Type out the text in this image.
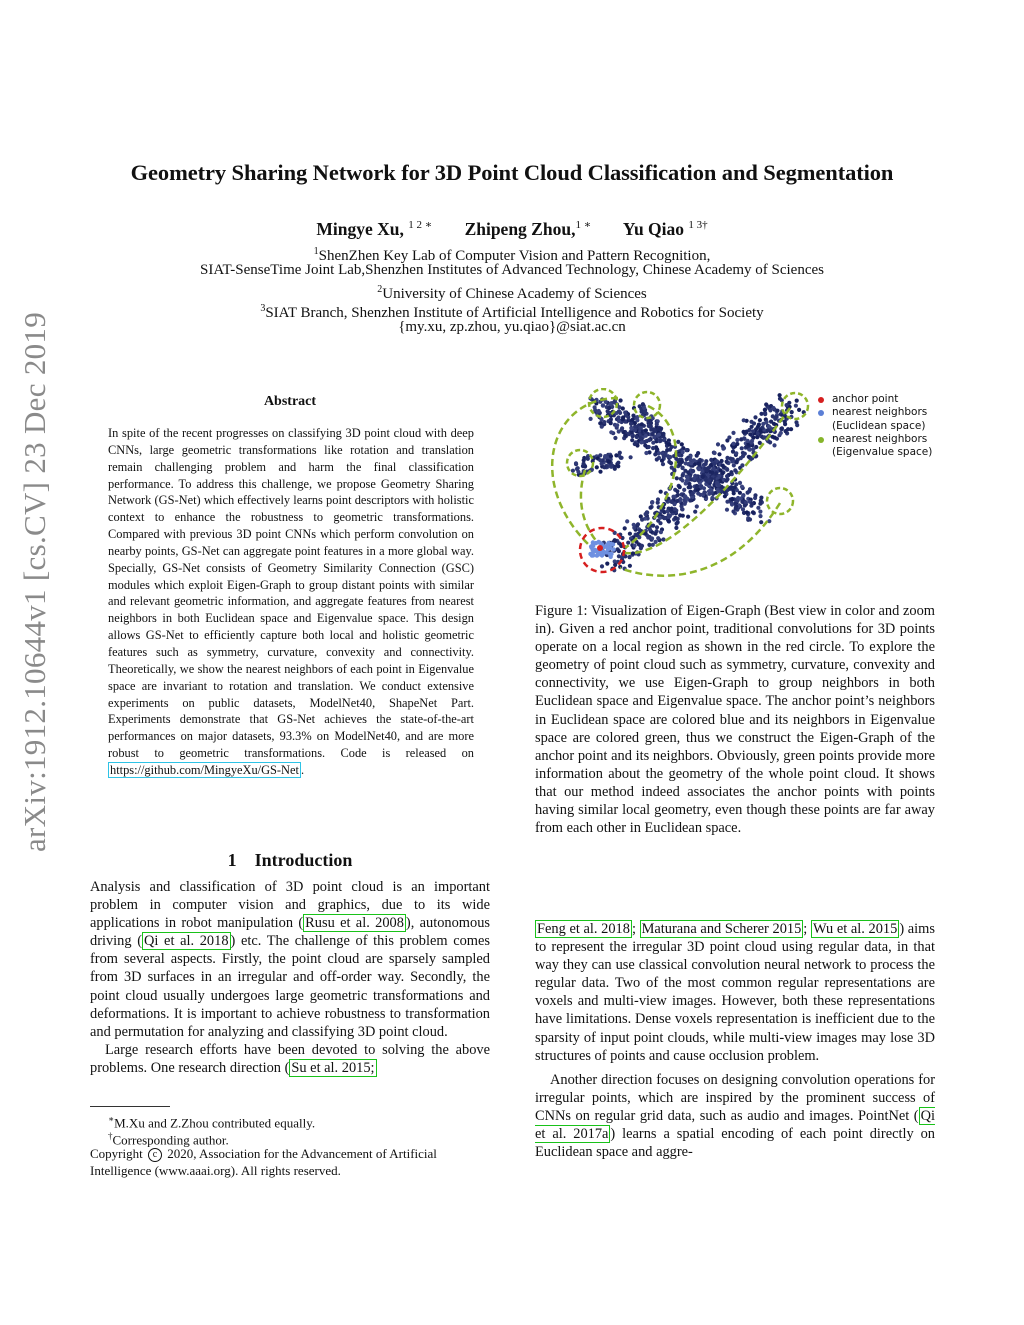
Geometry Sharing Network for 3D Point Cloud Classification and Segmentation
Mingye Xu, $^{1 2 ∗}$ Zhipeng Zhou,$^{1 ∗}$ Yu Qiao $^{1 3\dagger}$
$^1$ShenZhen Key Lab of Computer Vision and Pattern Recognition,
SIAT-SenseTime Joint Lab,Shenzhen Institutes of Advanced Technology, Chinese Academy of Sciences
$^2$University of Chinese Academy of Sciences
$^3$SIAT Branch, Shenzhen Institute of Artificial Intelligence and Robotics for Society
{my.xu, zp.zhou, yu.qiao}@siat.ac.cn
arXiv:1912.10644v1 [cs.CV] 23 Dec 2019	Abstract
In spite of the recent progresses on classifying 3D point cloud with deep CNNs, large geometric transformations like rotation and translation remain challenging problem and harm the final classification performance. To address this challenge, we propose Geometry Sharing Network (GS-Net) which effectively learns point descriptors with holistic context to enhance the robustness to geometric transformations. Compared with previous 3D point CNNs which perform convolution on nearby points, GS-Net can aggregate point features in a more global way. Specially, GS-Net consists of Geometry Similarity Connection (GSC) modules which exploit Eigen-Graph to group distant points with similar and relevant geometric information, and aggregate features from nearest neighbors in both Euclidean space and Eigenvalue space. This design allows GS-Net to efficiently capture both local and holistic geometric features such as symmetry, curvature, convexity and connectivity. Theoretically, we show the nearest neighbors of each point in Eigenvalue space are invariant to rotation and translation. We conduct extensive experiments on public datasets, ModelNet40, ShapeNet Part. Experiments demonstrate that GS-Net achieves the state-of-the-art performances on major datasets, 93.3% on ModelNet40, and are more robust to geometric transformations. Code is released on https://github.com/MingyeXu/GS-Net .
1 Introduction

Analysis and classification of 3D point cloud is an important problem in computer vision and graphics, due to its wide applications in robot manipulation ( Rusu et al. 2008 ), autonomous driving ( Qi et al. 2018 ) etc. The challenge of this problem comes from several aspects. Firstly, the point cloud are sparsely sampled from 3D surfaces in an irregular and off-order way. Secondly, the point cloud usually undergoes large geometric transformations and deformations. It is important to achieve robustness to transformation and permutation for analyzing and classifying 3D point cloud.

Large research efforts have been devoted to solving the above problems. One research direction ( Su et al. 2015;

∗M.Xu and Z.Zhou contributed equally.
†Corresponding author.
Copyright c 2020, Association for the Advancement of Artificial Intelligence (www.aaai.org). All rights reserved.
anchor point
nearest neighbors (Euclidean space)
nearest neighbors (Eigenvalue space)
Figure 1: Visualization of Eigen-Graph (Best view in color and zoom in). Given a red anchor point, traditional convolutions for 3D points operate on a local region as shown in the red circle. To explore the geometry of point cloud such as symmetry, curvature, convexity and connectivity, we use Eigen-Graph to group neighbors in both Euclidean space and Eigenvalue space. The anchor point’s neighbors in Euclidean space are colored blue and its neighbors in Eigenvalue space are colored green, thus we construct the Eigen-Graph of the anchor point and its neighbors. Obviously, green points provide more information about the geometry of the whole point cloud. It shows that our method indeed associates the anchor points with points having similar local geometry, even though these points are far away from each other in Euclidean space.

Feng et al. 2018 ; Maturana and Scherer 2015 ; Wu et al. 2015 ) aims to represent the irregular 3D point cloud using regular data, in that way they can use classical convolution neural network to process the regular data. Two of the most common regular representations are voxels and multi-view images. However, both these representations have limitations. Dense voxels representation is inefficient due to the sparsity of input point clouds, while multi-view images may lose 3D structures of points and cause occlusion problem.

Another direction focuses on designing convolution operations for irregular points, which are inspired by the prominent success of CNNs on regular grid data, such as audio and images. PointNet ( Qi et al. 2017a ) learns a spatial encoding of each point directly on Euclidean space and aggre-
